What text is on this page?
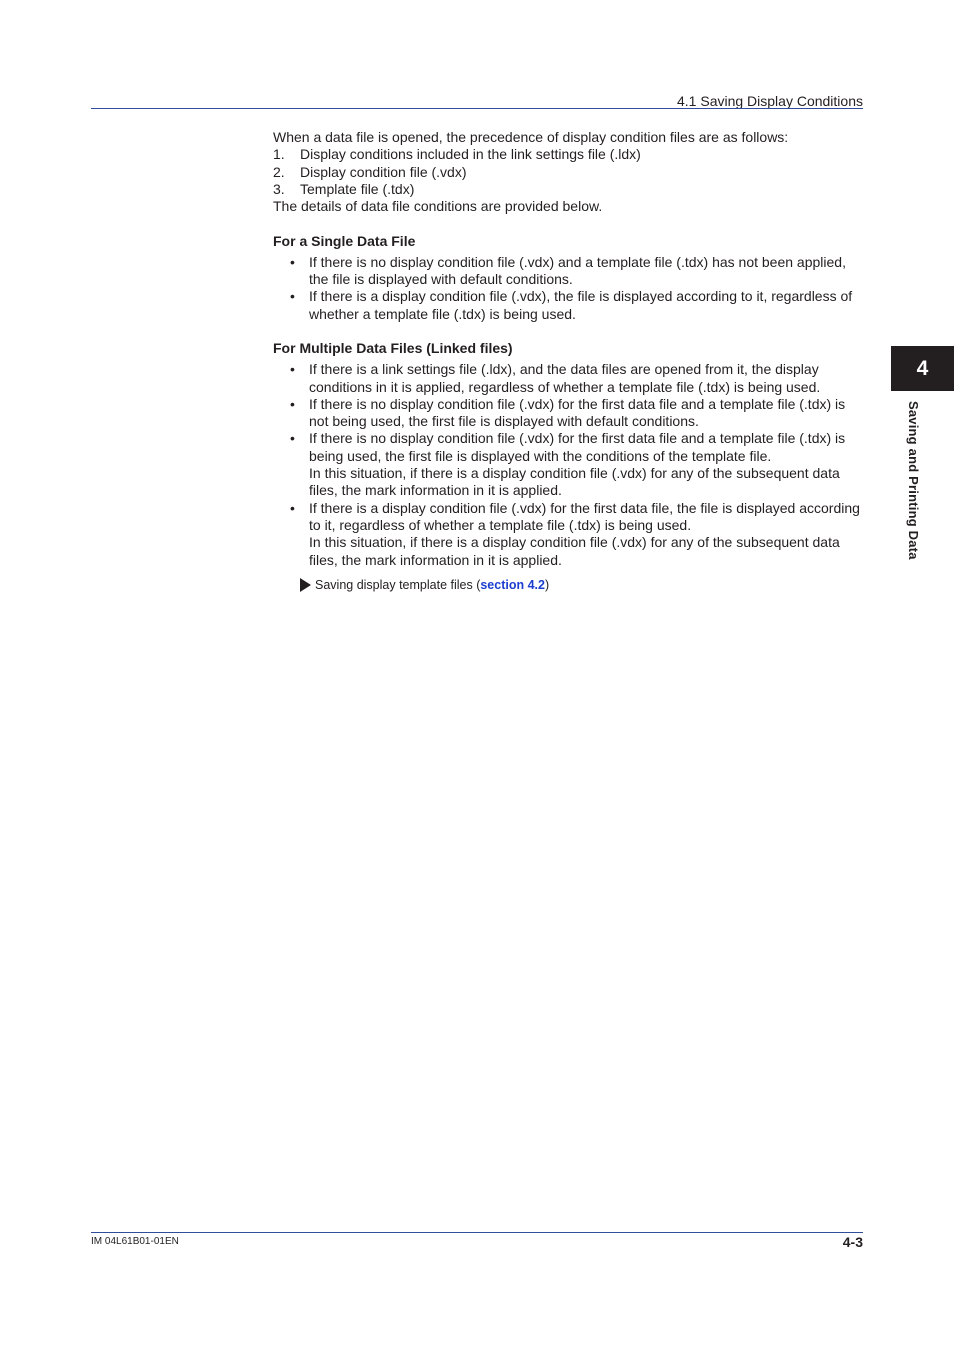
4.1 Saving Display Conditions

When a data file is opened, the precedence of display condition files are as follows:

1.	Display conditions included in the link settings file (.ldx)
2.	Display condition file (.vdx)
3.	Template file (.tdx)

The details of data file conditions are provided below.

For a Single Data File
•	If there is no display condition file (.vdx) and a template file (.tdx) has not been applied, the file is displayed with default conditions.
•	If there is a display condition file (.vdx), the file is displayed according to it, regardless of whether a template file (.tdx) is being used.
For Multiple Data Files (Linked files)
•	If there is a link settings file (.ldx), and the data files are opened from it, the display conditions in it is applied, regardless of whether a template file (.tdx) is being used.
•	If there is no display condition file (.vdx) for the first data file and a template file (.tdx) is not being used, the first file is displayed with default conditions.
•	If there is no display condition file (.vdx) for the first data file and a template file (.tdx) is being used, the first file is displayed with the conditions of the template file.
In this situation, if there is a display condition file (.vdx) for any of the subsequent data files, the mark information in it is applied.
•	If there is a display condition file (.vdx) for the first data file, the file is displayed according to it, regardless of whether a template file (.tdx) is being used.
In this situation, if there is a display condition file (.vdx) for any of the subsequent data files, the mark information in it is applied.
Saving display template files ( section 4.2 )
4
Saving and Printing Data
IM 04L61B01-01EN	4-3
